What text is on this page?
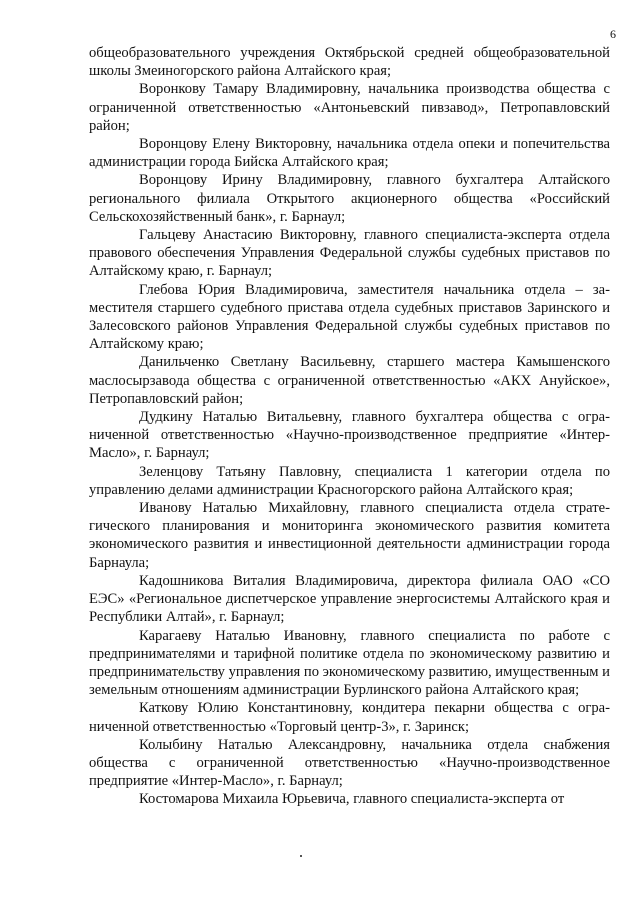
6

общеобразовательного учреждения Октябрьской средней общеобразовательной школы Змеиногорского района Алтайского края;

Воронкову Тамару Владимировну, начальника производства общества с ограниченной ответственностью «Антоньевский пивзавод», Петропавловский район;

Воронцову Елену Викторовну, начальника отдела опеки и попечительства администрации города Бийска Алтайского края;

Воронцову Ирину Владимировну, главного бухгалтера Алтайского регионального филиала Открытого акционерного общества «Российский Сельскохозяйственный банк», г. Барнаул;

Гальцеву Анастасию Викторовну, главного специалиста-эксперта отдела правового обеспечения Управления Федеральной службы судебных приставов по Алтайскому краю, г. Барнаул;

Глебова Юрия Владимировича, заместителя начальника отдела – заместителя старшего судебного пристава отдела судебных приставов Заринского и Залесовского районов Управления Федеральной службы судебных приставов по Алтайскому краю;

Данильченко Светлану Васильевну, старшего мастера Камышенского маслосырзавода общества с ограниченной ответственностью «АКХ Ануйское», Петропавловский район;

Дудкину Наталью Витальевну, главного бухгалтера общества с ограниченной ответственностью «Научно-производственное предприятие «Интер-Масло», г. Барнаул;

Зеленцову Татьяну Павловну, специалиста 1 категории отдела по управлению делами администрации Красногорского района Алтайского края;

Иванову Наталью Михайловну, главного специалиста отдела стратегического планирования и мониторинга экономического развития комитета экономического развития и инвестиционной деятельности администрации города Барнаула;

Кадошникова Виталия Владимировича, директора филиала ОАО «СО ЕЭС» «Региональное диспетчерское управление энергосистемы Алтайского края и Республики Алтай», г. Барнаул;

Карагаеву Наталью Ивановну, главного специалиста по работе с предпринимателями и тарифной политике отдела по экономическому развитию и предпринимательству управления по экономическому развитию, имущественным и земельным отношениям администрации Бурлинского района Алтайского края;

Каткову Юлию Константиновну, кондитера пекарни общества с ограниченной ответственностью «Торговый центр-3», г. Заринск;

Колыбину Наталью Александровну, начальника отдела снабжения общества с ограниченной ответственностью «Научно-производственное предприятие «Интер-Масло», г. Барнаул;

Костомарова Михаила Юрьевича, главного специалиста-эксперта от
